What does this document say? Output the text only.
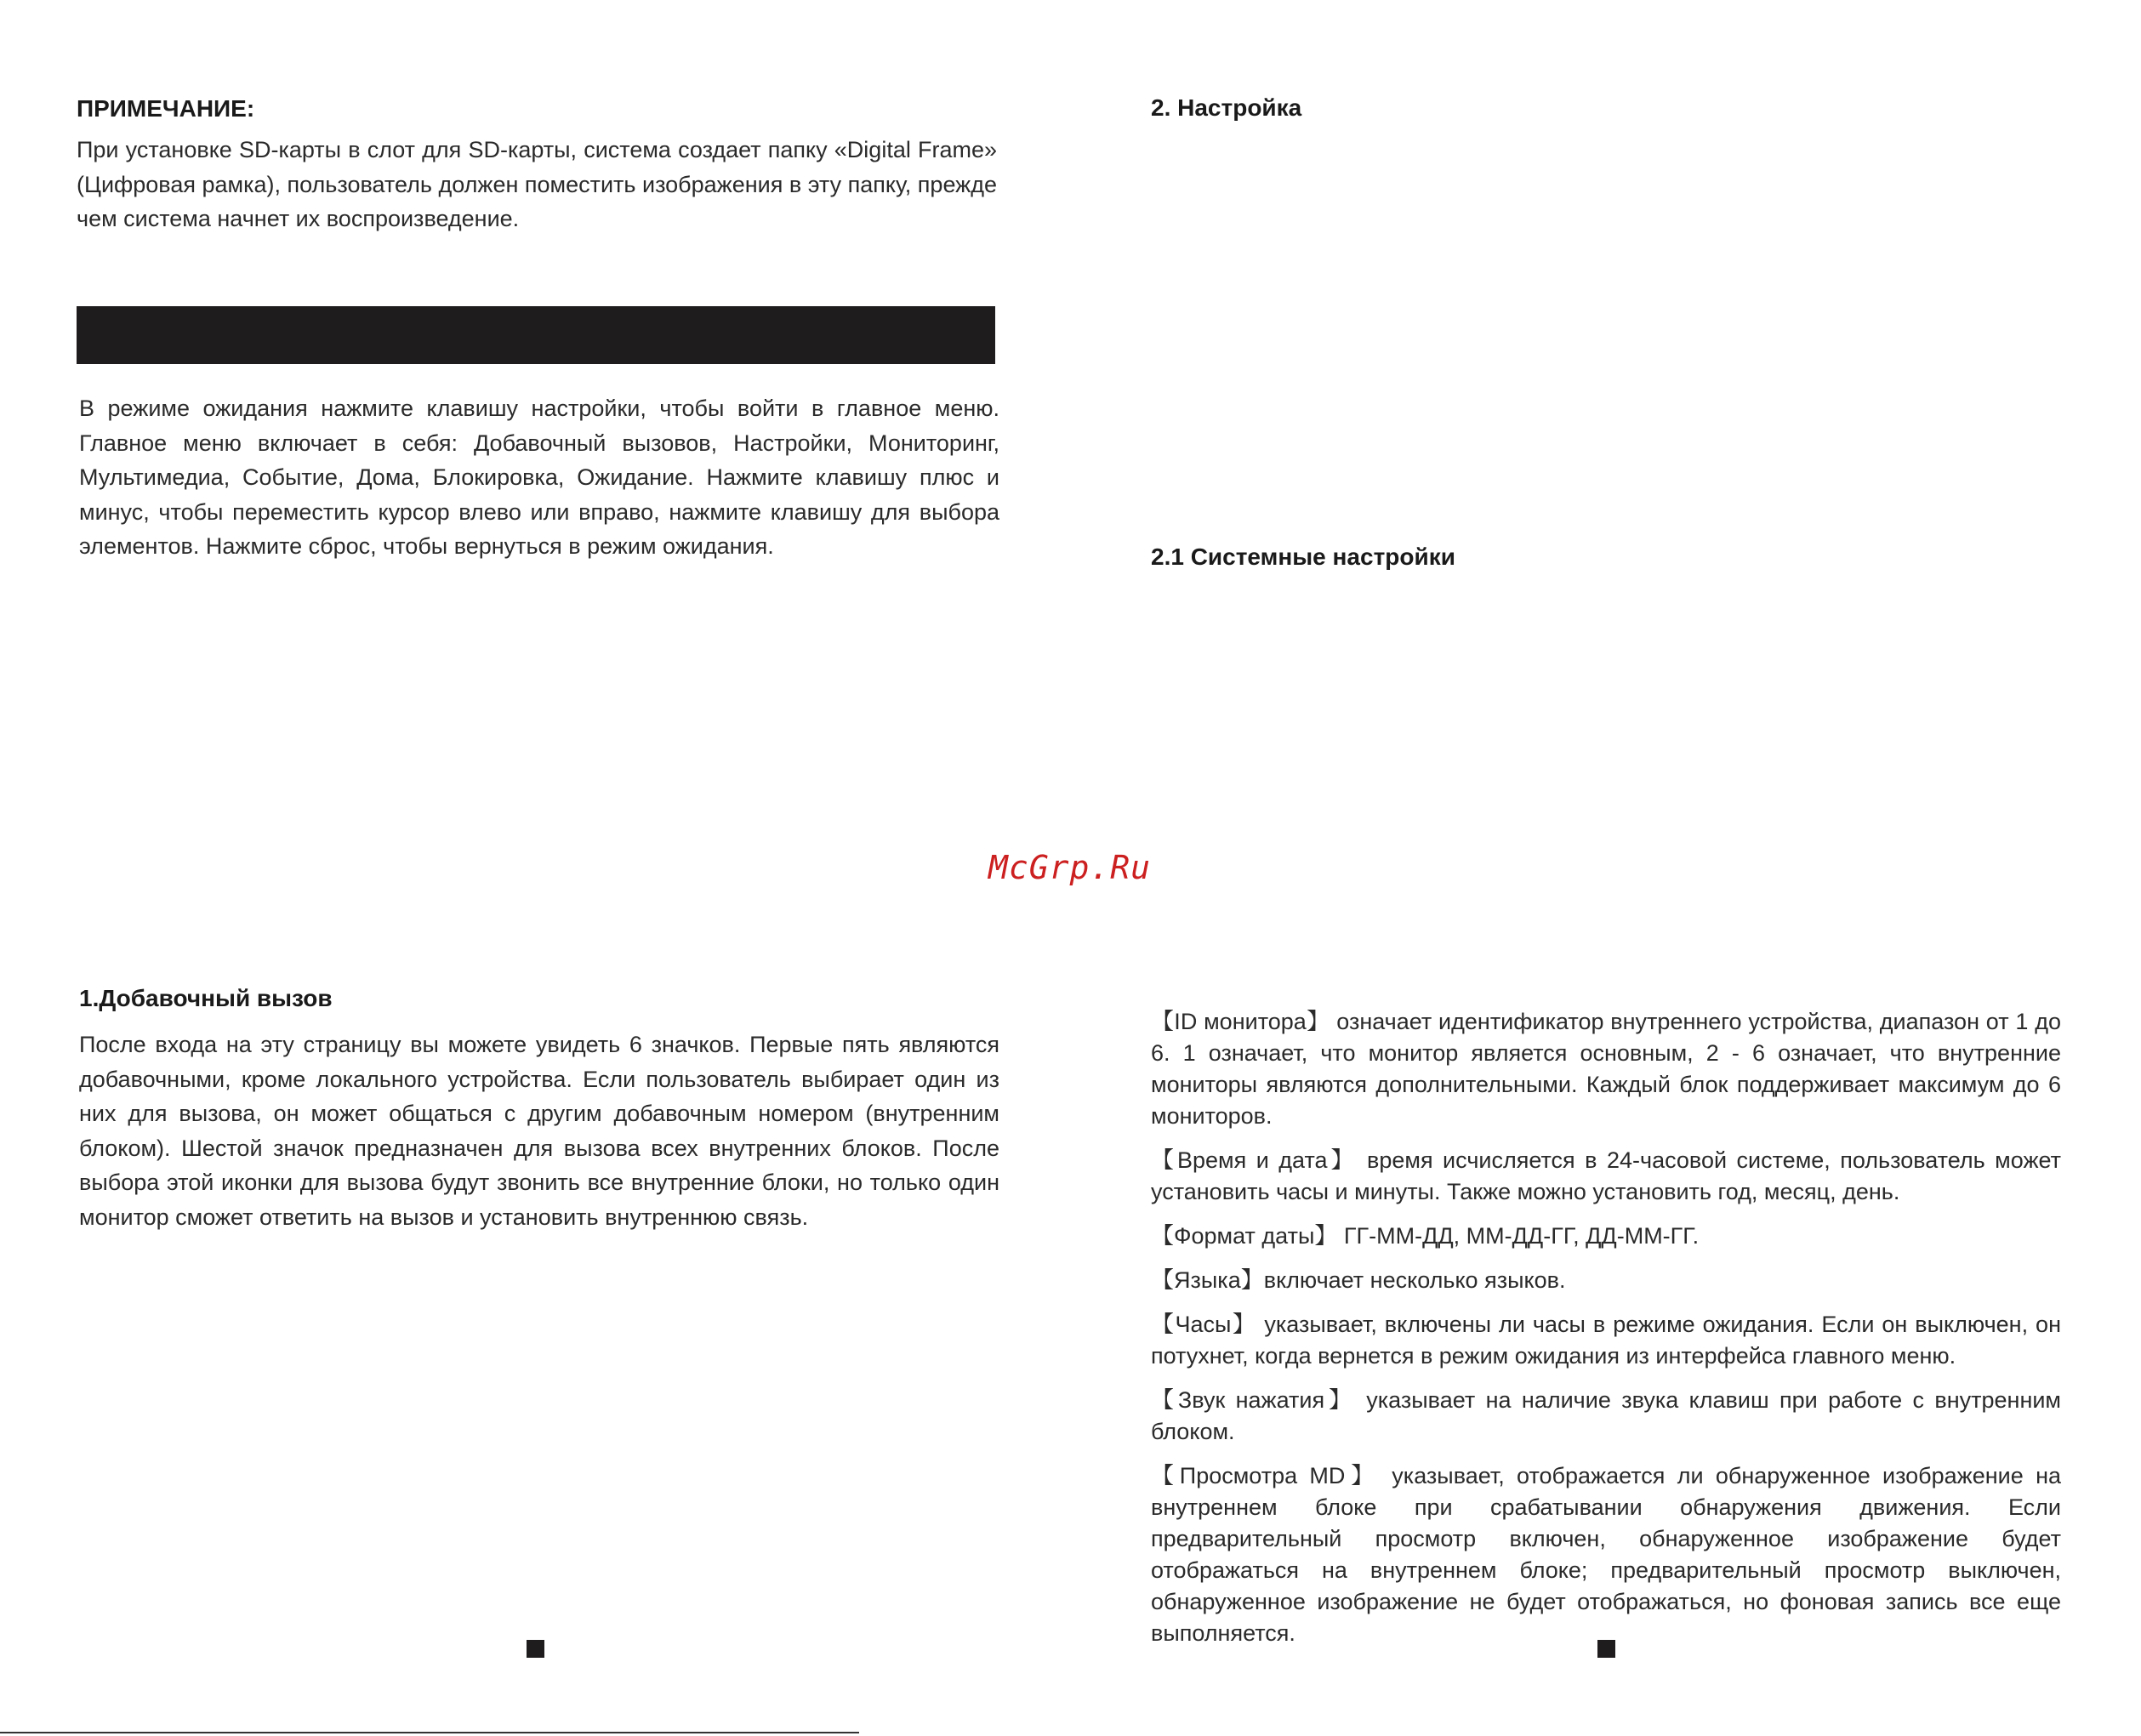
ПРИМЕЧАНИЕ:

При установке SD-карты в слот для SD-карты, система создает папку «Digital Frame» (Цифровая рамка), пользователь должен поместить изображения в эту папку, прежде чем система начнет их воспроизведение.

В режиме ожидания нажмите клавишу настройки, чтобы войти в главное меню. Главное меню включает в себя: Добавочный вызовов, Настройки, Мониторинг, Мультимедиа, Событие, Дома, Блокировка, Ожидание. Нажмите клавишу плюс и минус, чтобы переместить курсор влево или вправо, нажмите клавишу для выбора элементов. Нажмите сброс, чтобы вернуться в режим ожидания.

1.Добавочный вызов

После входа на эту страницу вы можете увидеть 6 значков. Первые пять являются добавочными, кроме локального устройства. Если пользователь выбирает один из них для вызова, он может общаться с другим добавочным номером (внутренним блоком). Шестой значок предназначен для вызова всех внутренних блоков. После выбора этой иконки для вызова будут звонить все внутренние блоки, но только один монитор сможет ответить на вызов и установить внутреннюю связь.

2. Настройка

2.1 Системные настройки

【ID монитора】 означает идентификатор внутреннего устройства, диапазон от 1 до 6. 1 означает, что монитор является основным, 2 - 6 означает, что внутренние мониторы являются дополнительными. Каждый блок поддерживает максимум до 6 мониторов.

【Время и дата】 время исчисляется в 24-часовой системе, пользователь может установить часы и минуты. Также можно установить год, месяц, день.

【Формат даты】 ГГ-ММ-ДД, ММ-ДД-ГГ, ДД-ММ-ГГ.

【Языка】включает несколько языков.

【Часы】 указывает, включены ли часы в режиме ожидания. Если он выключен, он потухнет, когда вернется в режим ожидания из интерфейса главного меню.

【Звук нажатия】 указывает на наличие звука клавиш при работе с внутренним блоком.

【Просмотра MD】 указывает, отображается ли обнаруженное изображение на внутреннем блоке при срабатывании обнаружения движения. Если предварительный просмотр включен, обнаруженное изображение будет отображаться на внутреннем блоке; предварительный просмотр выключен, обнаруженное изображение не будет отображаться, но фоновая запись все еще выполняется.

McGrp.Ru
